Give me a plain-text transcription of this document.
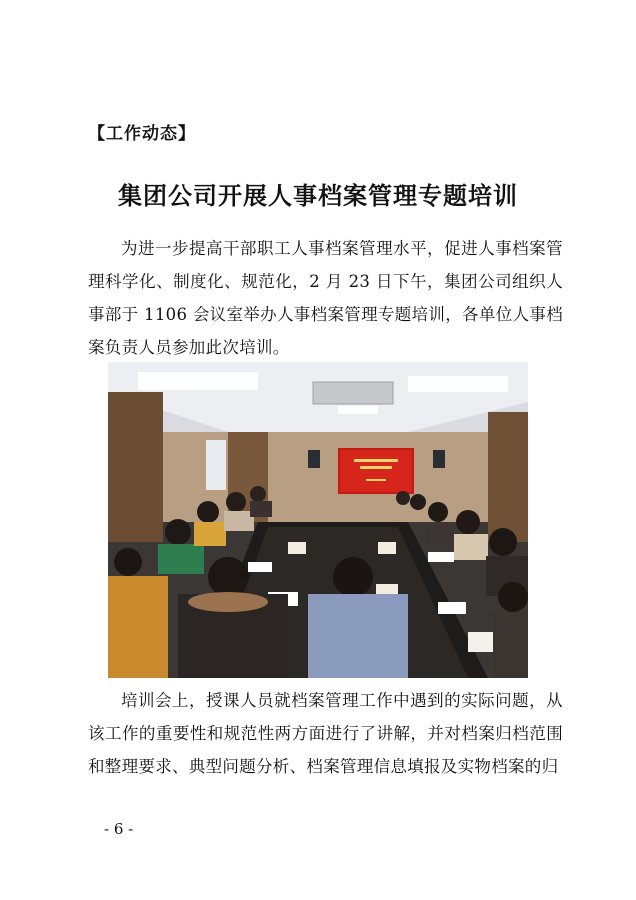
【工作动态】
集团公司开展人事档案管理专题培训

为进一步提高干部职工人事档案管理水平，促进人事档案管理科学化、制度化、规范化，2 月 23 日下午，集团公司组织人事部于 1106 会议室举办人事档案管理专题培训，各单位人事档案负责人员参加此次培训。

培训会上，授课人员就档案管理工作中遇到的实际问题，从该工作的重要性和规范性两方面进行了讲解，并对档案归档范围和整理要求、典型问题分析、档案管理信息填报及实物档案的归

- 6 -
